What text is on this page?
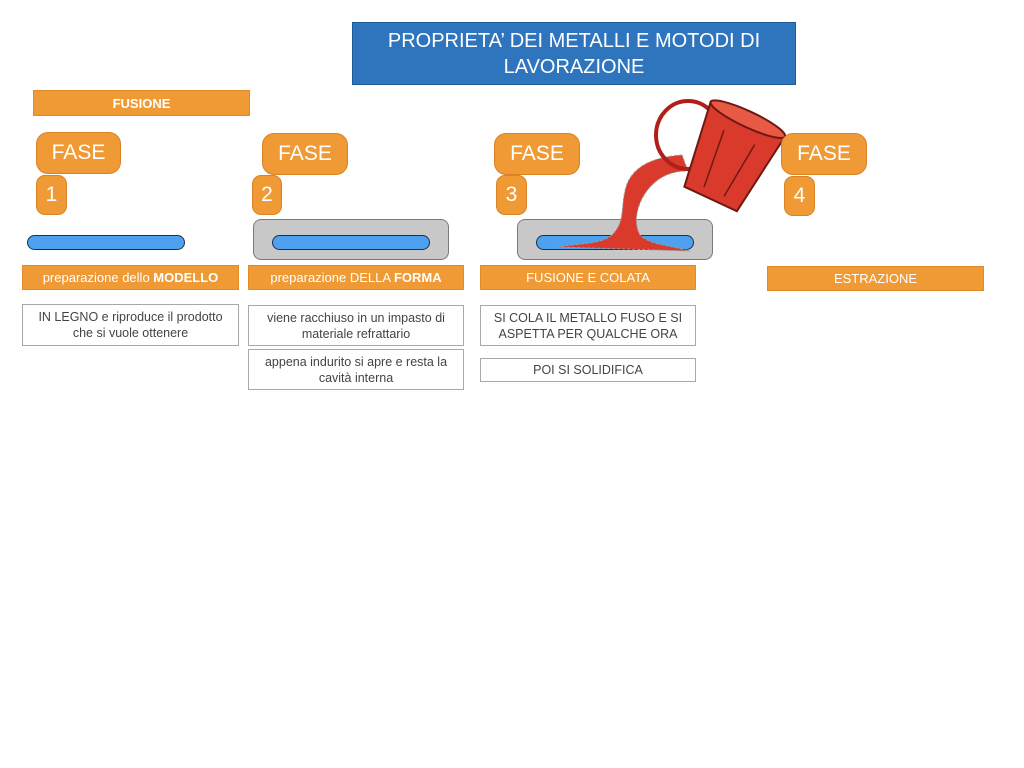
PROPRIETA’ DEI METALLI E MOTODI DI LAVORAZIONE
FUSIONE
FASE
1
preparazione dello MODELLO
IN LEGNO e riproduce il prodotto che si vuole ottenere
FASE
2
preparazione DELLA FORMA
viene racchiuso in un impasto di materiale refrattario
appena indurito si apre e resta la cavità interna
FASE
3
FUSIONE E COLATA
SI COLA IL METALLO FUSO E SI ASPETTA PER QUALCHE ORA
POI SI SOLIDIFICA
FASE
4
ESTRAZIONE
